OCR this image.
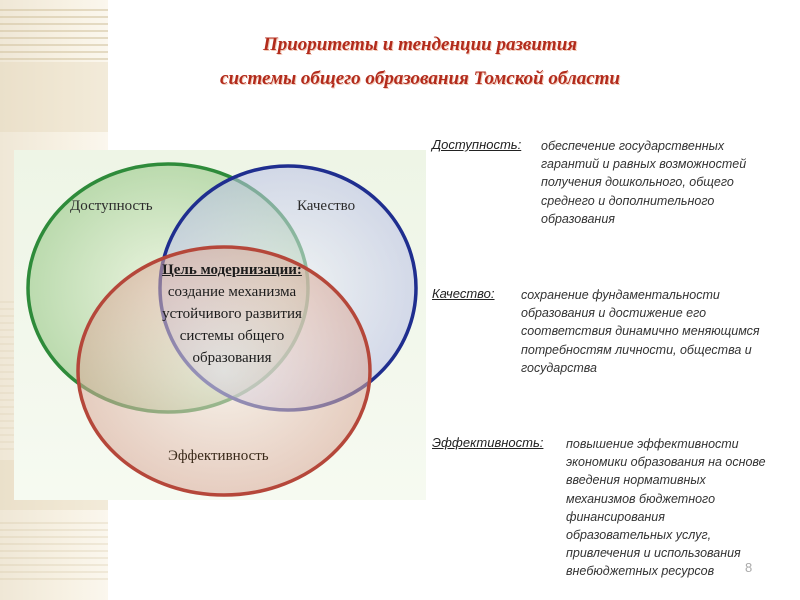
Приоритеты и тенденции развития
системы общего образования Томской области
Доступность	Качество
Эффективность
Цель модернизации:
создание механизма
устойчивого развития
системы общего
образования
Доступность: обеспечение государственных
гарантий и равных возможностей
получения дошкольного, общего
среднего и дополнительного
образования
Качество: сохранение фундаментальности
образования и достижение его
соответствия динамично меняющимся
потребностям личности, общества и
государства
Эффективность: повышение эффективности
экономики образования на основе
введения нормативных
механизмов бюджетного
финансирования
образовательных услуг,
привлечения и использования
внебюджетных ресурсов	8
